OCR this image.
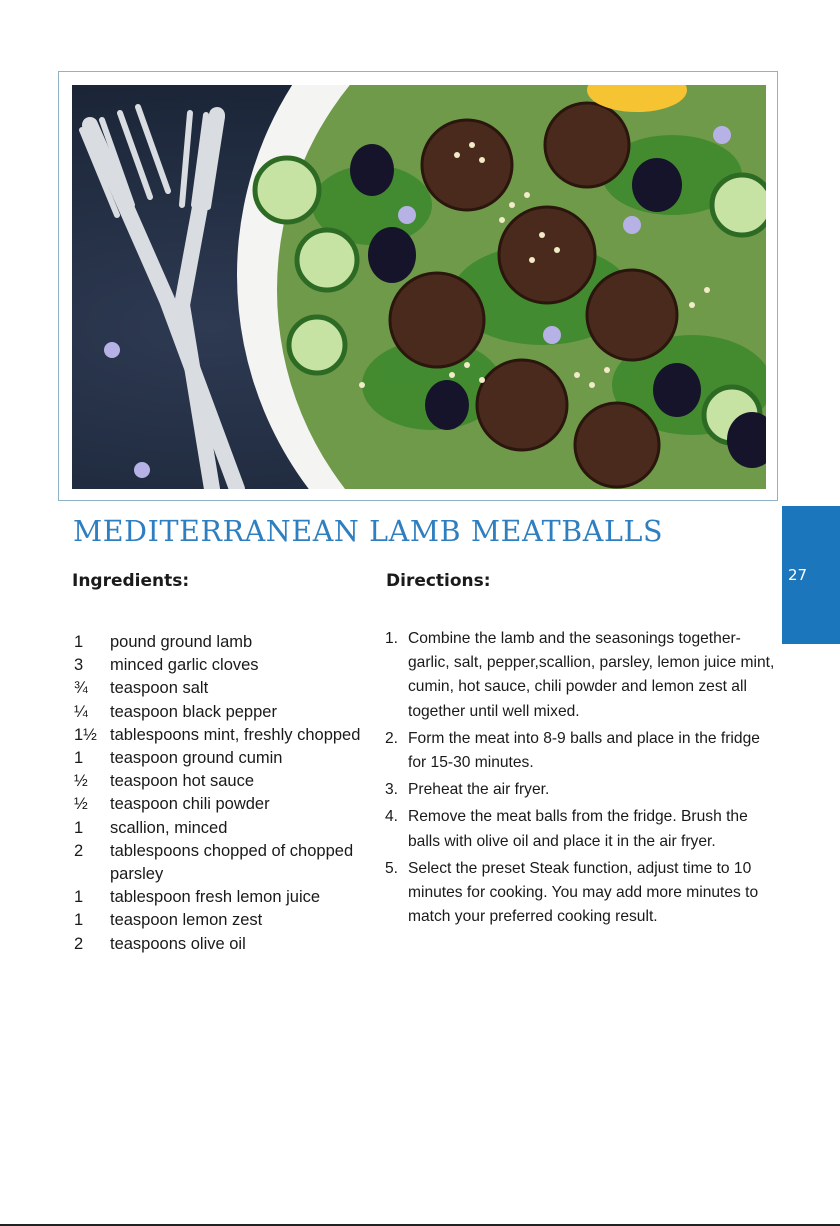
MEDITERRANEAN LAMB MEATBALLS
Ingredients:	Directions:	27
1	pound ground lamb
3	minced garlic cloves
¾	teaspoon salt
¼	teaspoon black pepper
1½ tablespoons mint, freshly chopped
1	teaspoon ground cumin
½	teaspoon hot sauce
½	teaspoon chili powder
1	scallion, minced
2	tablespoons chopped of chopped parsley
1	tablespoon fresh lemon juice
1	teaspoon lemon zest
2	teaspoons olive oil
1. Combine the lamb and the seasonings together- garlic, salt, pepper,scallion, parsley, lemon juice mint, cumin, hot sauce, chili powder and lemon zest all together until well mixed.
2. Form the meat into 8-9 balls and place in the fridge for 15-30 minutes.
3. Preheat the air fryer.
4. Remove the meat balls from the fridge. Brush the balls with olive oil and place it in the air fryer.
5. Select the preset Steak function, adjust time to 10 minutes for cooking. You may add more minutes to match your preferred cooking result.
